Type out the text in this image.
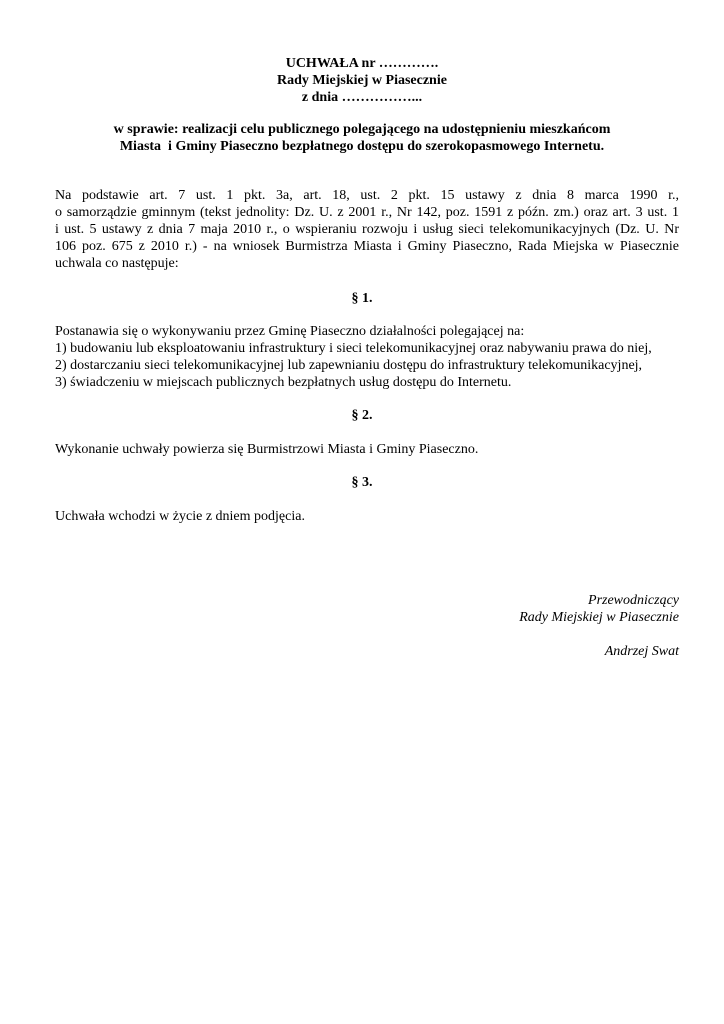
UCHWAŁA nr ………….
Rady Miejskiej w Piasecznie
z dnia ……………...
w sprawie: realizacji celu publicznego polegającego na udostępnieniu mieszkańcom
Miasta  i Gminy Piaseczno bezpłatnego dostępu do szerokopasmowego Internetu.
Na podstawie art. 7 ust. 1 pkt. 3a, art. 18, ust. 2 pkt. 15 ustawy z dnia 8 marca 1990 r.,
o samorządzie gminnym (tekst jednolity: Dz. U. z 2001 r., Nr 142, poz. 1591 z późn. zm.) oraz art. 3 ust. 1
i ust. 5 ustawy z dnia 7 maja 2010 r., o wspieraniu rozwoju i usług sieci telekomunikacyjnych (Dz. U. Nr
106 poz. 675 z 2010 r.) - na wniosek Burmistrza Miasta i Gminy Piaseczno, Rada Miejska w Piasecznie
uchwala co następuje:
§ 1.
Postanawia się o wykonywaniu przez Gminę Piaseczno działalności polegającej na:
1) budowaniu lub eksploatowaniu infrastruktury i sieci telekomunikacyjnej oraz nabywaniu prawa do niej,
2) dostarczaniu sieci telekomunikacyjnej lub zapewnianiu dostępu do infrastruktury telekomunikacyjnej,
3) świadczeniu w miejscach publicznych bezpłatnych usług dostępu do Internetu.
§ 2.
Wykonanie uchwały powierza się Burmistrzowi Miasta i Gminy Piaseczno.
§ 3.
Uchwała wchodzi w życie z dniem podjęcia.
Przewodniczący
Rady Miejskiej w Piasecznie
Andrzej Swat
